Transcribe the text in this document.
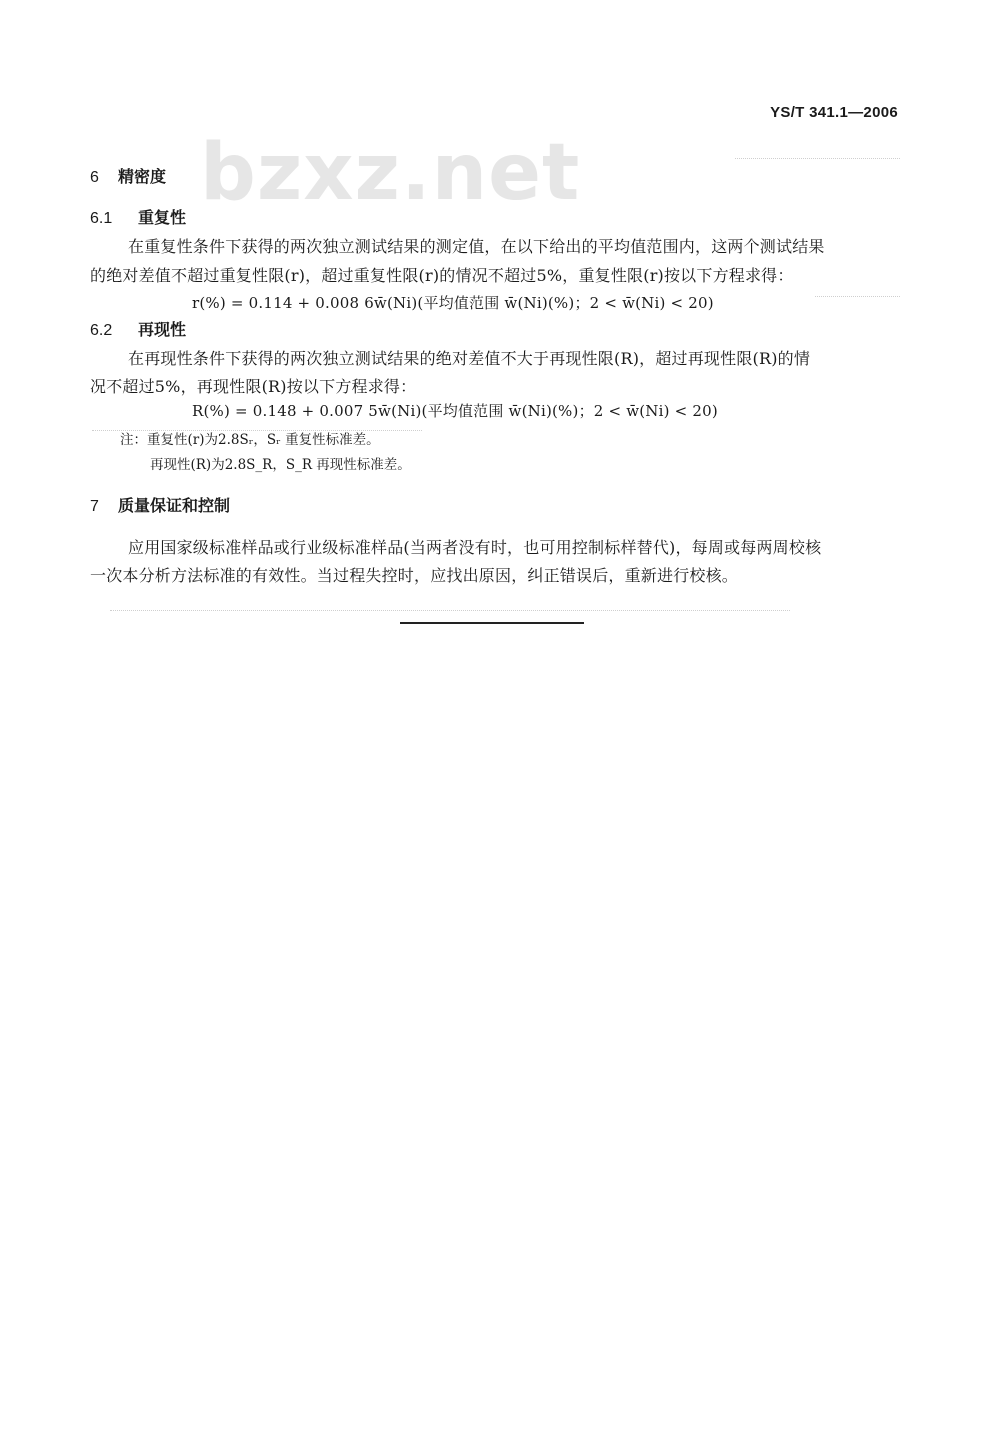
YS/T 341.1—2006
bzxz.net
6 精密度
6.1 重复性
在重复性条件下获得的两次独立测试结果的测定值，在以下给出的平均值范围内，这两个测试结果
的绝对差值不超过重复性限(r)，超过重复性限(r)的情况不超过5%，重复性限(r)按以下方程求得：
r(%) = 0.114 + 0.008 6w̄(Ni)(平均值范围 w̄(Ni)(%)；2 < w̄(Ni) < 20)
6.2 再现性
在再现性条件下获得的两次独立测试结果的绝对差值不大于再现性限(R)，超过再现性限(R)的情
况不超过5%，再现性限(R)按以下方程求得：
R(%) = 0.148 + 0.007 5w̄(Ni)(平均值范围 w̄(Ni)(%)；2 < w̄(Ni) < 20)
注：重复性(r)为2.8Sᵣ，Sᵣ 重复性标准差。
再现性(R)为2.8S_R，S_R 再现性标准差。
7 质量保证和控制
应用国家级标准样品或行业级标准样品(当两者没有时，也可用控制标样替代)，每周或每两周校核
一次本分析方法标准的有效性。当过程失控时，应找出原因，纠正错误后，重新进行校核。
